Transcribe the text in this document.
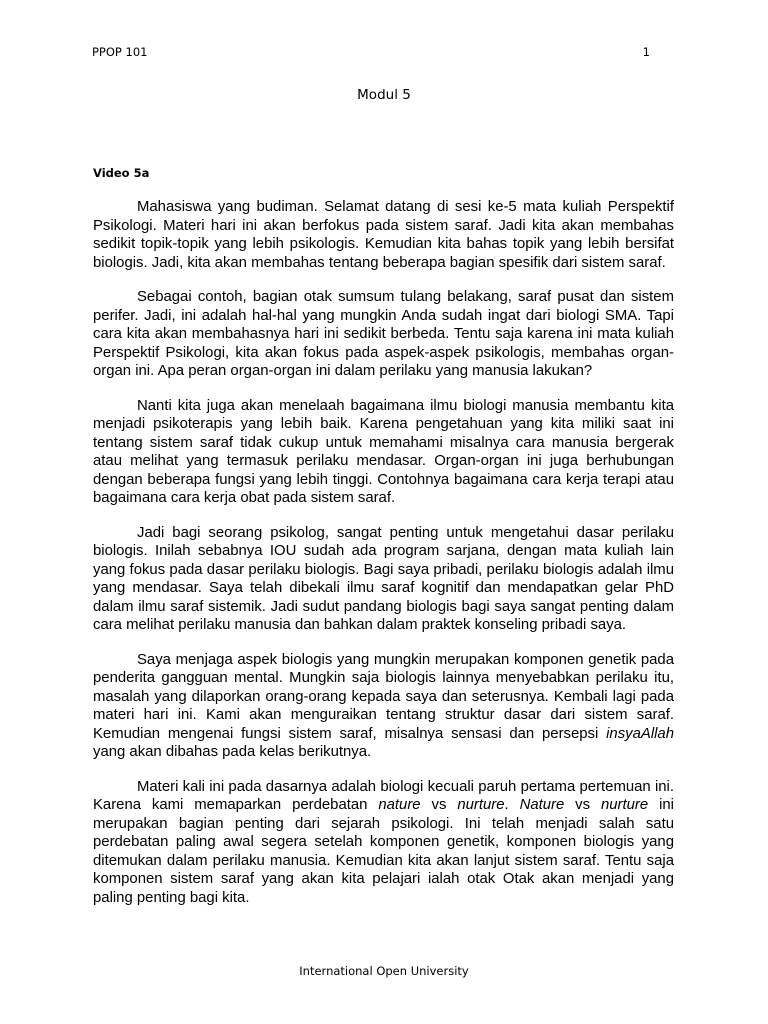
PPOP 101	1
Modul 5
Video 5a

Mahasiswa yang budiman. Selamat datang di sesi ke-5 mata kuliah Perspektif Psikologi. Materi hari ini akan berfokus pada sistem saraf. Jadi kita akan membahas sedikit topik-topik yang lebih psikologis. Kemudian kita bahas topik yang lebih bersifat biologis. Jadi, kita akan membahas tentang beberapa bagian spesifik dari sistem saraf.

Sebagai contoh, bagian otak sumsum tulang belakang, saraf pusat dan sistem perifer. Jadi, ini adalah hal-hal yang mungkin Anda sudah ingat dari biologi SMA. Tapi cara kita akan membahasnya hari ini sedikit berbeda. Tentu saja karena ini mata kuliah Perspektif Psikologi, kita akan fokus pada aspek-aspek psikologis, membahas organ-organ ini. Apa peran organ-organ ini dalam perilaku yang manusia lakukan?

Nanti kita juga akan menelaah bagaimana ilmu biologi manusia membantu kita menjadi psikoterapis yang lebih baik. Karena pengetahuan yang kita miliki saat ini tentang sistem saraf tidak cukup untuk memahami misalnya cara manusia bergerak atau melihat yang termasuk perilaku mendasar. Organ-organ ini juga berhubungan dengan beberapa fungsi yang lebih tinggi. Contohnya bagaimana cara kerja terapi atau bagaimana cara kerja obat pada sistem saraf.

Jadi bagi seorang psikolog, sangat penting untuk mengetahui dasar perilaku biologis. Inilah sebabnya IOU sudah ada program sarjana, dengan mata kuliah lain yang fokus pada dasar perilaku biologis. Bagi saya pribadi, perilaku biologis adalah ilmu yang mendasar. Saya telah dibekali ilmu saraf kognitif dan mendapatkan gelar PhD dalam ilmu saraf sistemik. Jadi sudut pandang biologis bagi saya sangat penting dalam cara melihat perilaku manusia dan bahkan dalam praktek konseling pribadi saya.

Saya menjaga aspek biologis yang mungkin merupakan komponen genetik pada penderita gangguan mental. Mungkin saja biologis lainnya menyebabkan perilaku itu, masalah yang dilaporkan orang-orang kepada saya dan seterusnya. Kembali lagi pada materi hari ini. Kami akan menguraikan tentang struktur dasar dari sistem saraf. Kemudian mengenai fungsi sistem saraf, misalnya sensasi dan persepsi insyaAllah yang akan dibahas pada kelas berikutnya.

Materi kali ini pada dasarnya adalah biologi kecuali paruh pertama pertemuan ini. Karena kami memaparkan perdebatan nature vs nurture. Nature vs nurture ini merupakan bagian penting dari sejarah psikologi. Ini telah menjadi salah satu perdebatan paling awal segera setelah komponen genetik, komponen biologis yang ditemukan dalam perilaku manusia. Kemudian kita akan lanjut sistem saraf. Tentu saja komponen sistem saraf yang akan kita pelajari ialah otak Otak akan menjadi yang paling penting bagi kita.

International Open University
